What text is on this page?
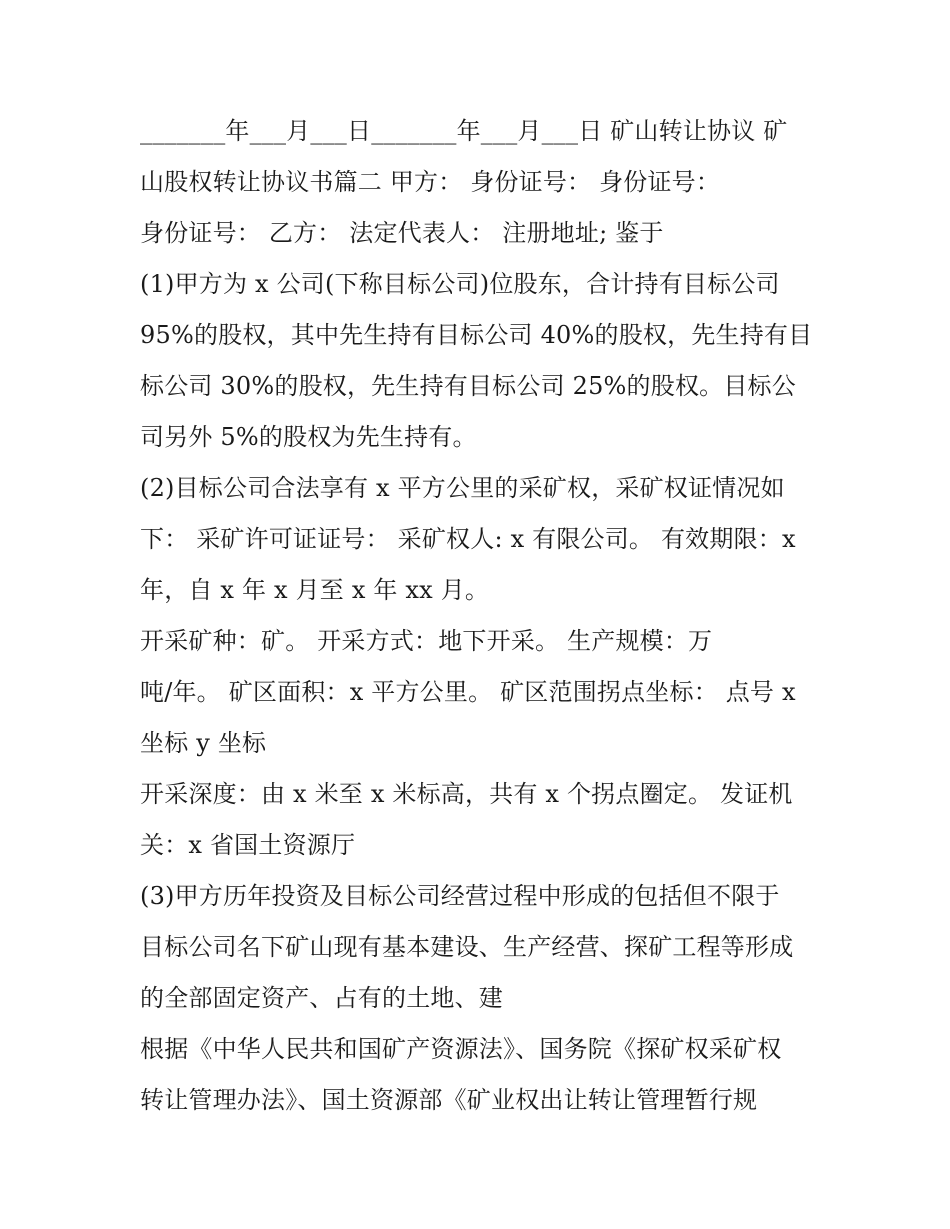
_______年___月___日_______年___月___日 矿山转让协议 矿
山股权转让协议书篇二 甲方： 身份证号： 身份证号：
身份证号： 乙方： 法定代表人： 注册地址; 鉴于
(1)甲方为 x 公司(下称目标公司)位股东，合计持有目标公司
95%的股权，其中先生持有目标公司 40%的股权，先生持有目
标公司 30%的股权，先生持有目标公司 25%的股权。目标公
司另外 5%的股权为先生持有。
(2)目标公司合法享有 x 平方公里的采矿权，采矿权证情况如
下： 采矿许可证证号： 采矿权人: x 有限公司。 有效期限：x
年，自 x 年 x 月至 x 年 xx 月。
开采矿种：矿。 开采方式：地下开采。 生产规模：万
吨/年。 矿区面积：x 平方公里。 矿区范围拐点坐标： 点号 x
坐标 y 坐标
开采深度：由 x 米至 x 米标高，共有 x 个拐点圈定。 发证机
关：x 省国土资源厅
(3)甲方历年投资及目标公司经营过程中形成的包括但不限于
目标公司名下矿山现有基本建设、生产经营、探矿工程等形成
的全部固定资产、占有的土地、建
根据《中华人民共和国矿产资源法》、国务院《探矿权采矿权
转让管理办法》、国土资源部《矿业权出让转让管理暂行规
